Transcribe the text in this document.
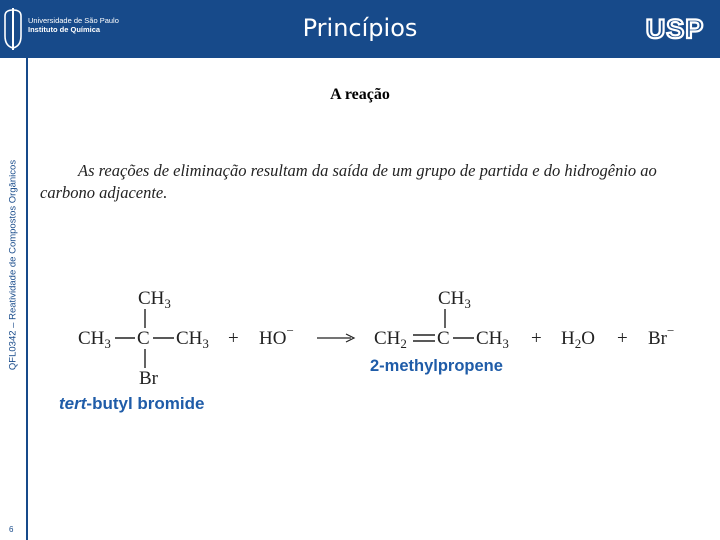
Universidade de São Paulo
Instituto de Química	Princípios	USP
QFL0342 – Reatividade de Compostos Orgânicos
6
A reação
As reações de eliminação resultam da saída de um grupo de partida e do hidrogênio ao carbono adjacente.
$CH_3$
$CH_3$ C $CH_3$
Br
tert-butyl bromide
+ HO−
$CH_3$
$CH_2$ C $CH_3$
2-methylpropene
+ $H_2O + Br^-$
